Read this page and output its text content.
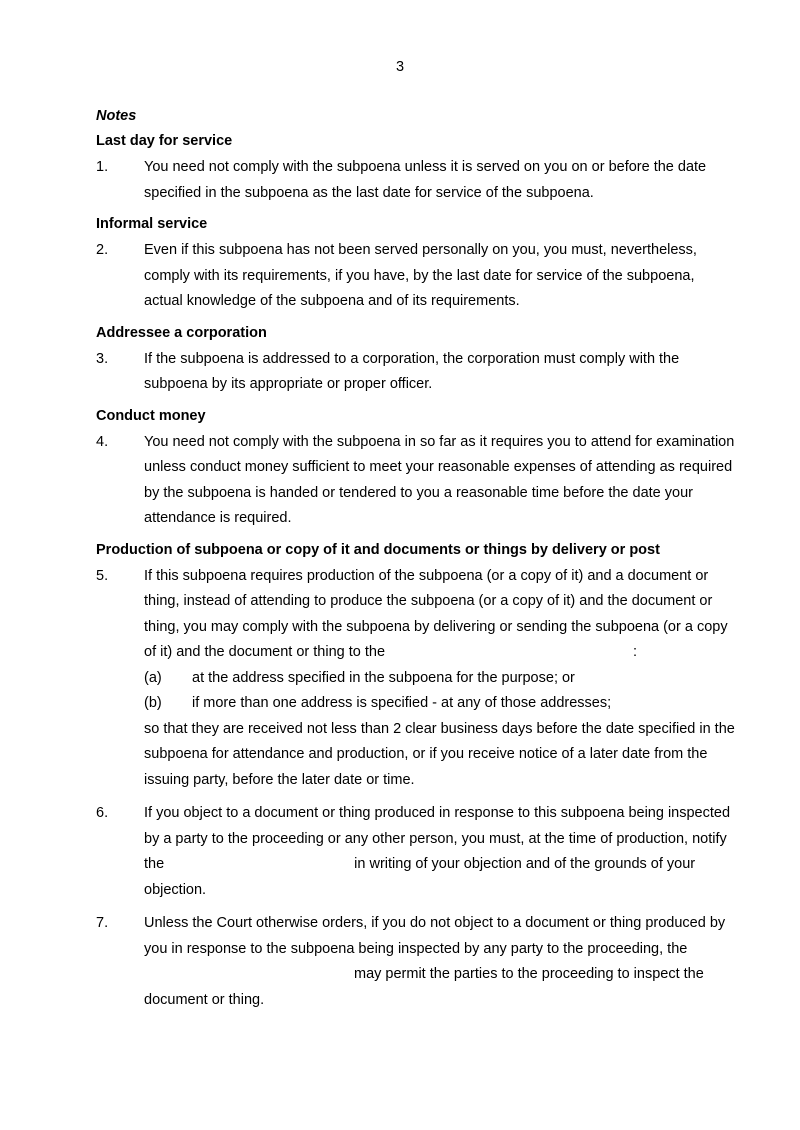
3
Notes
Last day for service
1. You need not comply with the subpoena unless it is served on you on or before the date specified in the subpoena as the last date for service of the subpoena.
Informal service
2. Even if this subpoena has not been served personally on you, you must, nevertheless, comply with its requirements, if you have, by the last date for service of the subpoena, actual knowledge of the subpoena and of its requirements.
Addressee a corporation
3. If the subpoena is addressed to a corporation, the corporation must comply with the subpoena by its appropriate or proper officer.
Conduct money
4. You need not comply with the subpoena in so far as it requires you to attend for examination unless conduct money sufficient to meet your reasonable expenses of attending as required by the subpoena is handed or tendered to you a reasonable time before the date your attendance is required.
Production of subpoena or copy of it and documents or things by delivery or post
5. If this subpoena requires production of the subpoena (or a copy of it) and a document or thing, instead of attending to produce the subpoena (or a copy of it) and the document or thing, you may comply with the subpoena by delivering or sending the subpoena (or a copy of it) and the document or thing to the	:
(a) at the address specified in the subpoena for the purpose; or
(b) if more than one address is specified - at any of those addresses;
so that they are received not less than 2 clear business days before the date specified in the subpoena for attendance and production, or if you receive notice of a later date from the issuing party, before the later date or time.
6. If you object to a document or thing produced in response to this subpoena being inspected by a party to the proceeding or any other person, you must, at the time of production, notify the	in writing of your objection and of the grounds of your objection.
7. Unless the Court otherwise orders, if you do not object to a document or thing produced by you in response to the subpoena being inspected by any party to the proceeding, themay permit the parties to the proceeding to inspect the document or thing.
